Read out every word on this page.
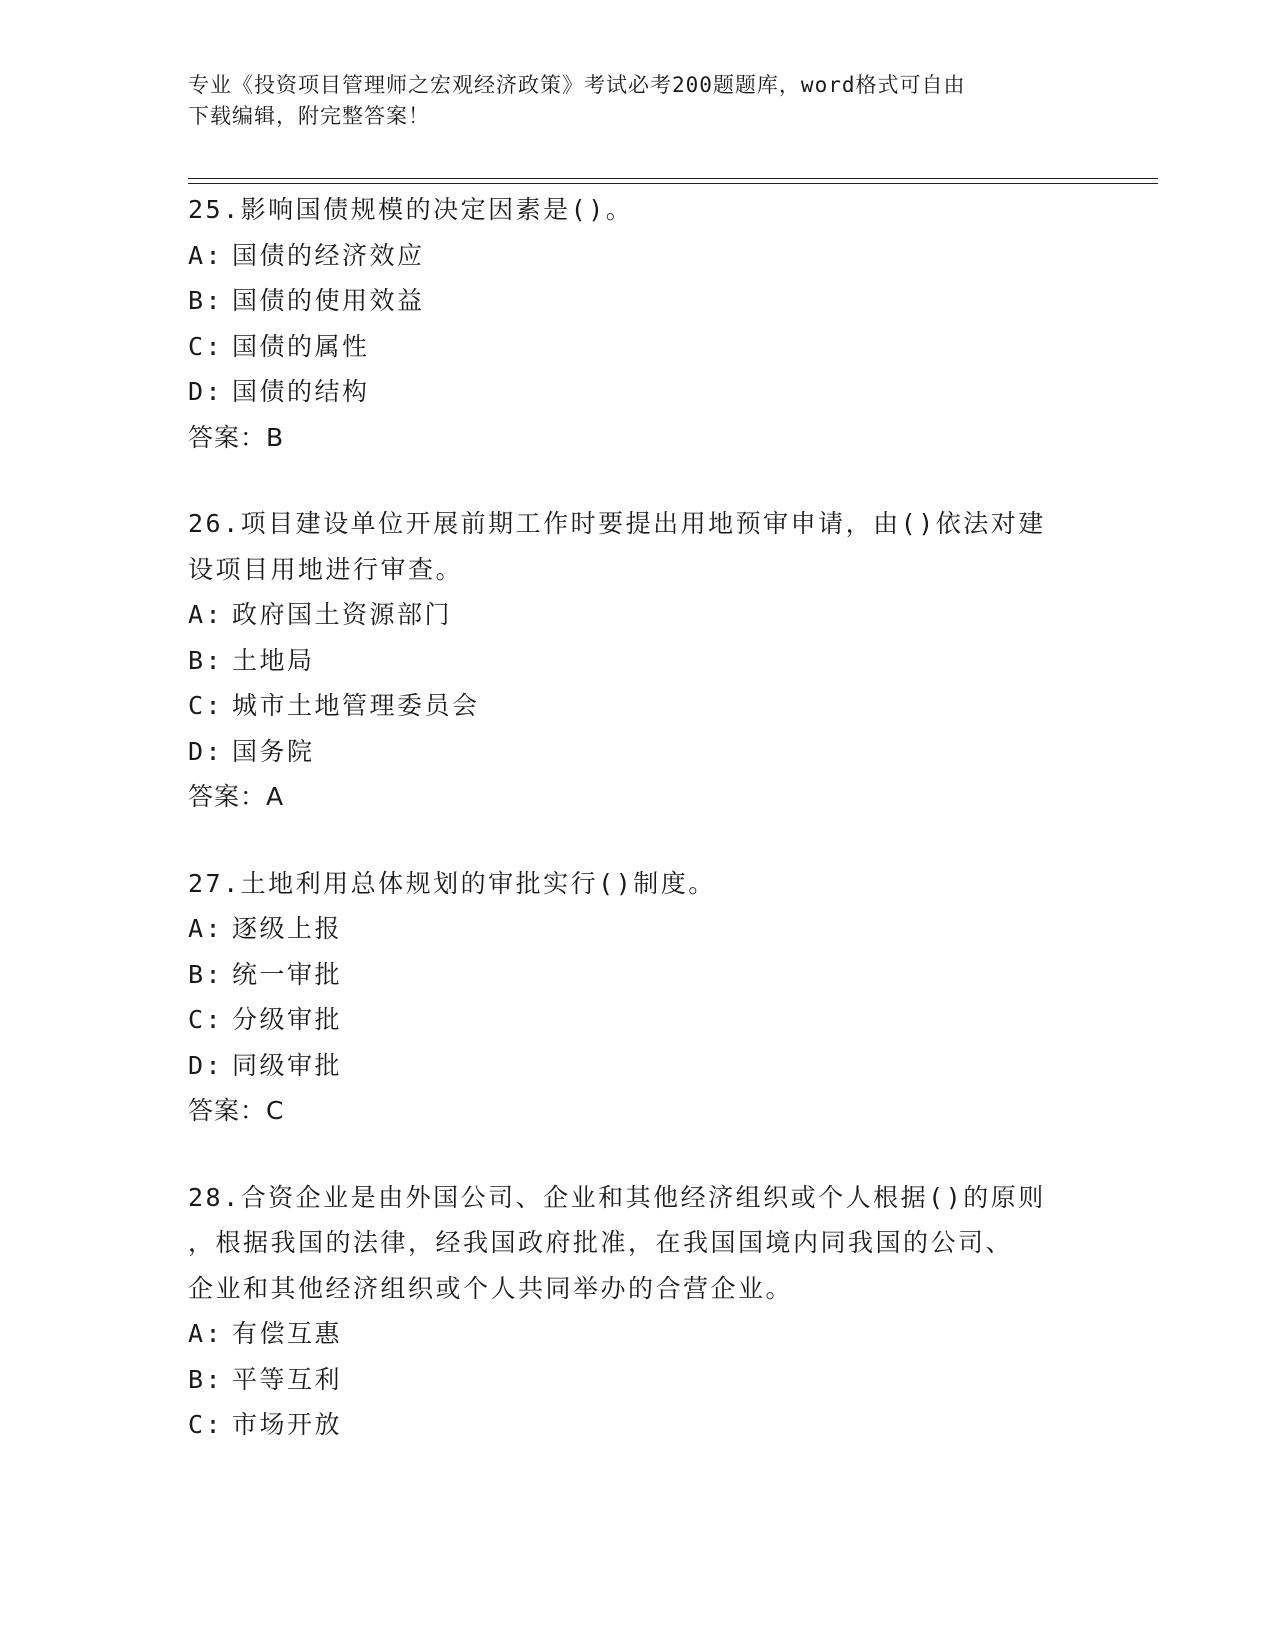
专业《投资项目管理师之宏观经济政策》考试必考200题题库，word格式可自由
下载编辑，附完整答案！
25.影响国债规模的决定因素是()。
A: 国债的经济效应
B: 国债的使用效益
C: 国债的属性
D: 国债的结构
答案：B
26.项目建设单位开展前期工作时要提出用地预审申请，由()依法对建
设项目用地进行审查。
A: 政府国土资源部门
B: 土地局
C: 城市土地管理委员会
D: 国务院
答案：A
27.土地利用总体规划的审批实行()制度。
A: 逐级上报
B: 统一审批
C: 分级审批
D: 同级审批
答案：C
28.合资企业是由外国公司、企业和其他经济组织或个人根据()的原则
，根据我国的法律，经我国政府批准，在我国国境内同我国的公司、
企业和其他经济组织或个人共同举办的合营企业。
A: 有偿互惠
B: 平等互利
C: 市场开放
